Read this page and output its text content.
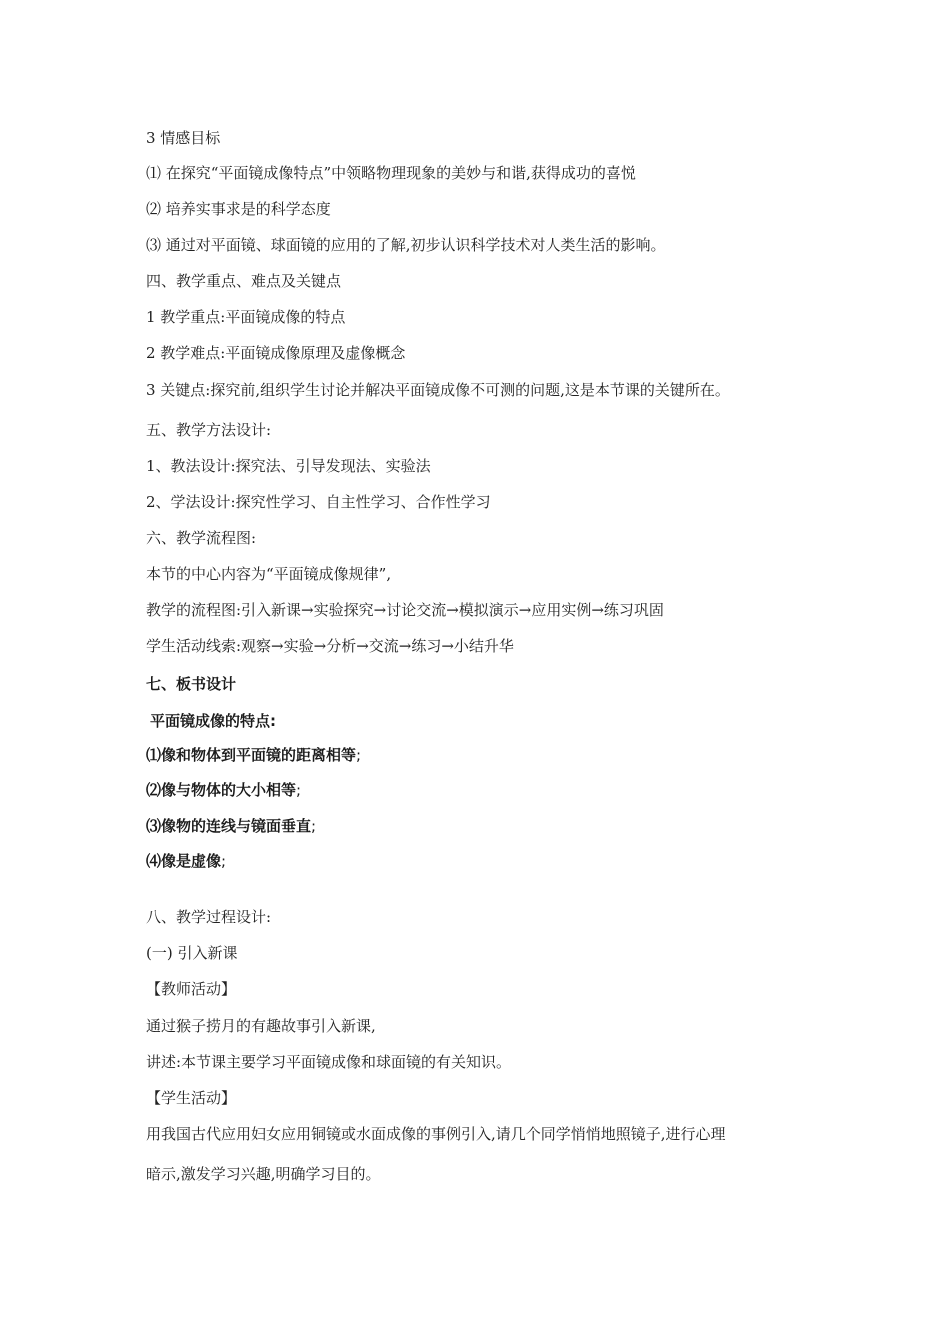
3 情感目标
⑴ 在探究“平面镜成像特点”中领略物理现象的美妙与和谐,获得成功的喜悦
⑵ 培养实事求是的科学态度
⑶ 通过对平面镜、球面镜的应用的了解,初步认识科学技术对人类生活的影响。
四、教学重点、难点及关键点
1 教学重点:平面镜成像的特点
2 教学难点:平面镜成像原理及虚像概念
3 关键点:探究前,组织学生讨论并解决平面镜成像不可测的问题,这是本节课的关键所在。
五、教学方法设计:
1、教法设计:探究法、引导发现法、实验法
2、学法设计:探究性学习、自主性学习、合作性学习
六、教学流程图:
本节的中心内容为“平面镜成像规律”,
教学的流程图:引入新课→实验探究→讨论交流→模拟演示→应用实例→练习巩固
学生活动线索:观察→实验→分析→交流→练习→小结升华
七、板书设计
平面镜成像的特点:
⑴像和物体到平面镜的距离相等;
⑵像与物体的大小相等;
⑶像物的连线与镜面垂直;
⑷像是虚像;
八、教学过程设计:
(一) 引入新课
【教师活动】
通过猴子捞月的有趣故事引入新课,
讲述:本节课主要学习平面镜成像和球面镜的有关知识。
【学生活动】
用我国古代应用妇女应用铜镜或水面成像的事例引入,请几个同学悄悄地照镜子,进行心理
暗示,激发学习兴趣,明确学习目的。
